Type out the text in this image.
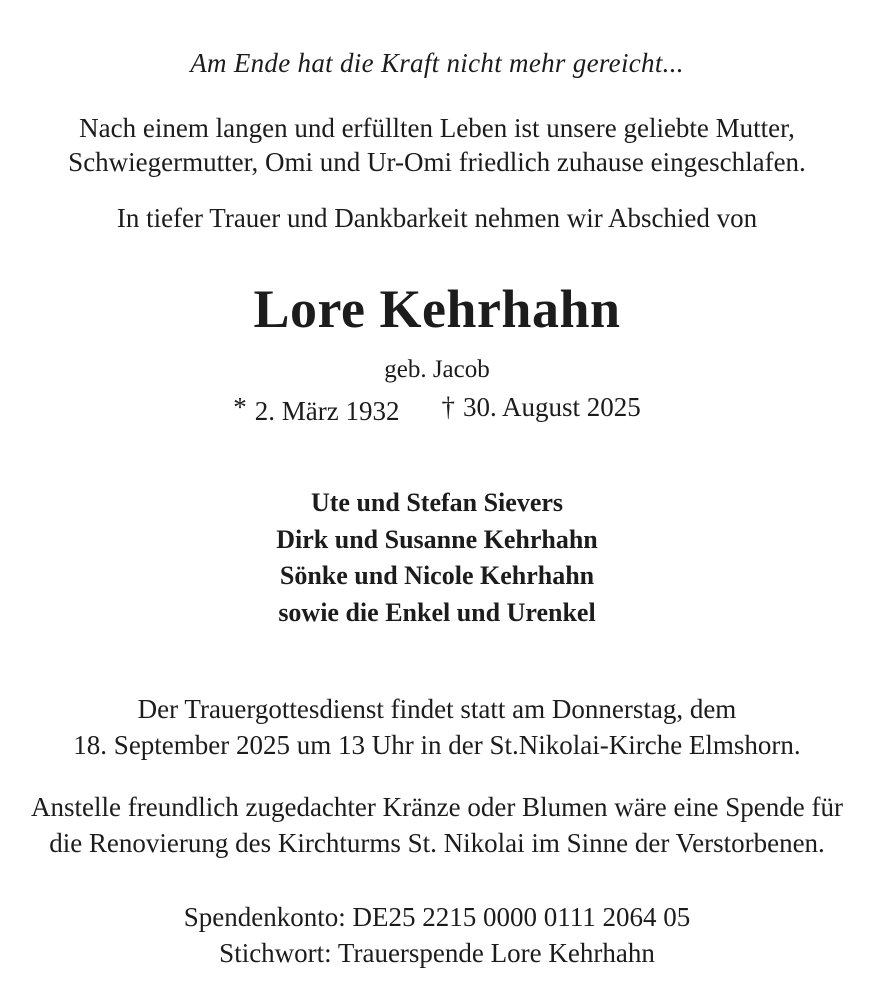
Am Ende hat die Kraft nicht mehr gereicht...
Nach einem langen und erfüllten Leben ist unsere geliebte Mutter,
Schwiegermutter, Omi und Ur-Omi friedlich zuhause eingeschlafen.
In tiefer Trauer und Dankbarkeit nehmen wir Abschied von
Lore Kehrhahn
geb. Jacob
* 2. März 1932 † 30. August 2025
Ute und Stefan Sievers
Dirk und Susanne Kehrhahn
Sönke und Nicole Kehrhahn
sowie die Enkel und Urenkel
Der Trauergottesdienst findet statt am Donnerstag, dem
18. September 2025 um 13 Uhr in der St.Nikolai-Kirche Elmshorn.
Anstelle freundlich zugedachter Kränze oder Blumen wäre eine Spende für
die Renovierung des Kirchturms St. Nikolai im Sinne der Verstorbenen.
Spendenkonto: DE25 2215 0000 0111 2064 05
Stichwort: Trauerspende Lore Kehrhahn
